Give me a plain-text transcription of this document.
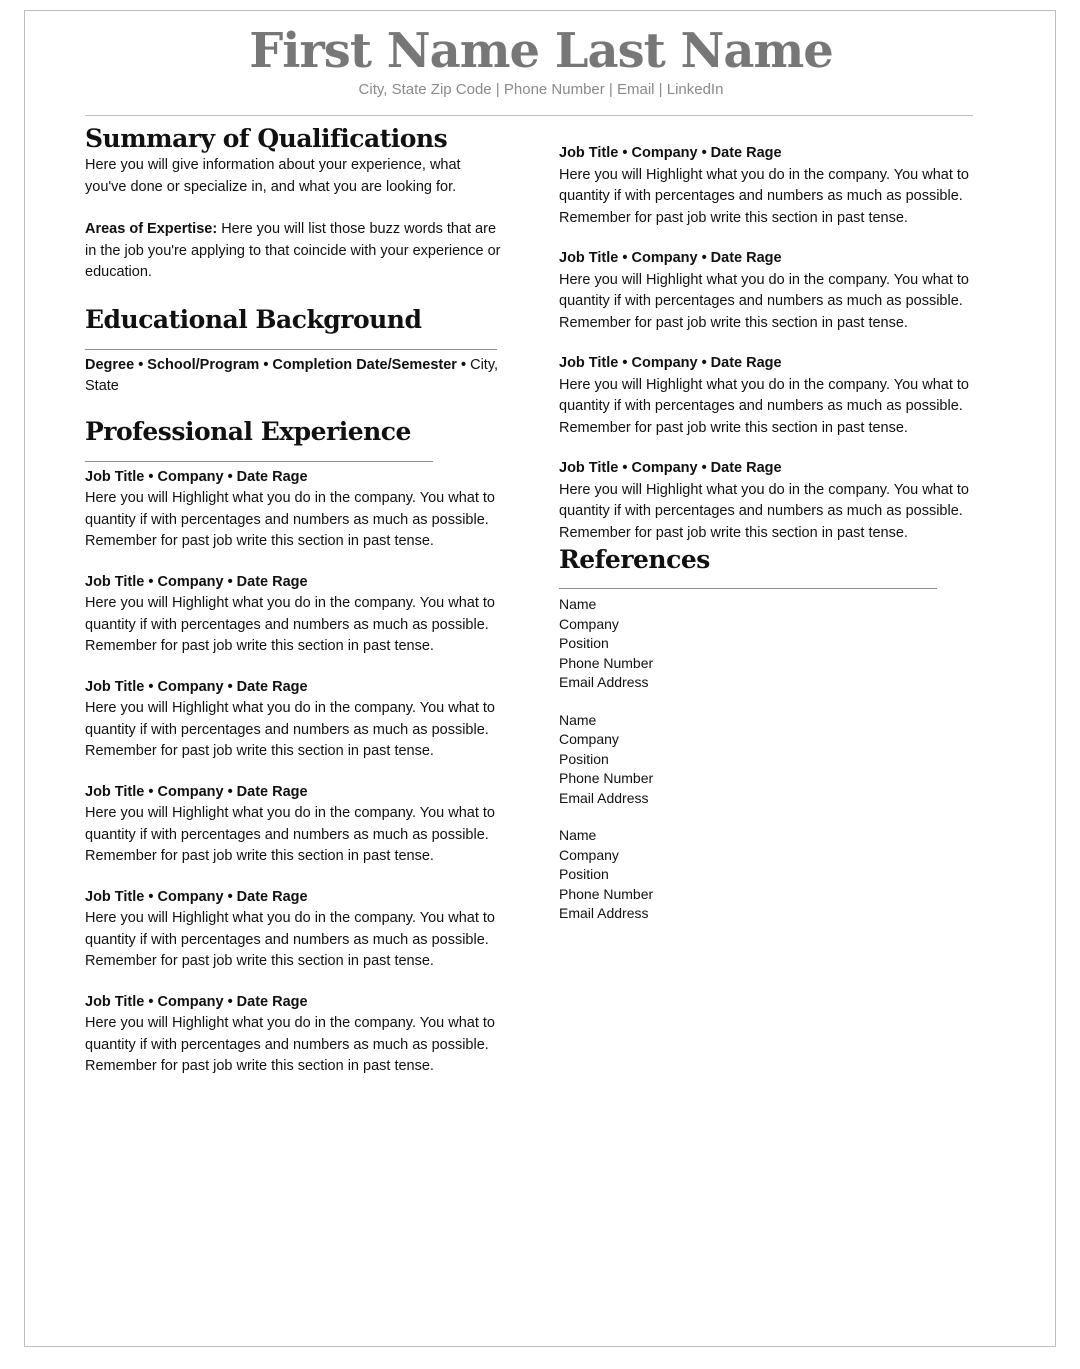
First Name Last Name
City, State Zip Code | Phone Number | Email | LinkedIn
Summary of Qualifications

Here you will give information about your experience, what you've done or specialize in, and what you are looking for.

Areas of Expertise: Here you will list those buzz words that are in the job you're applying to that coincide with your experience or education.

Educational Background

Degree • School/Program • Completion Date/Semester • City, State

Professional Experience
Job Title • Company • Date Rage

Here you will Highlight what you do in the company. You what to quantity if with percentages and numbers as much as possible. Remember for past job write this section in past tense.

Job Title • Company • Date Rage

Here you will Highlight what you do in the company. You what to quantity if with percentages and numbers as much as possible. Remember for past job write this section in past tense.

Job Title • Company • Date Rage

Here you will Highlight what you do in the company. You what to quantity if with percentages and numbers as much as possible. Remember for past job write this section in past tense.

Job Title • Company • Date Rage

Here you will Highlight what you do in the company. You what to quantity if with percentages and numbers as much as possible. Remember for past job write this section in past tense.

Job Title • Company • Date Rage

Here you will Highlight what you do in the company. You what to quantity if with percentages and numbers as much as possible. Remember for past job write this section in past tense.

Job Title • Company • Date Rage

Here you will Highlight what you do in the company. You what to quantity if with percentages and numbers as much as possible. Remember for past job write this section in past tense.

Job Title • Company • Date Rage

Here you will Highlight what you do in the company. You what to quantity if with percentages and numbers as much as possible. Remember for past job write this section in past tense.

Job Title • Company • Date Rage

Here you will Highlight what you do in the company. You what to quantity if with percentages and numbers as much as possible. Remember for past job write this section in past tense.

Job Title • Company • Date Rage

Here you will Highlight what you do in the company. You what to quantity if with percentages and numbers as much as possible. Remember for past job write this section in past tense.

Job Title • Company • Date Rage

Here you will Highlight what you do in the company. You what to quantity if with percentages and numbers as much as possible. Remember for past job write this section in past tense.

References
Name
Company
Position
Phone Number
Email Address
Name
Company
Position
Phone Number
Email Address
Name
Company
Position
Phone Number
Email Address
